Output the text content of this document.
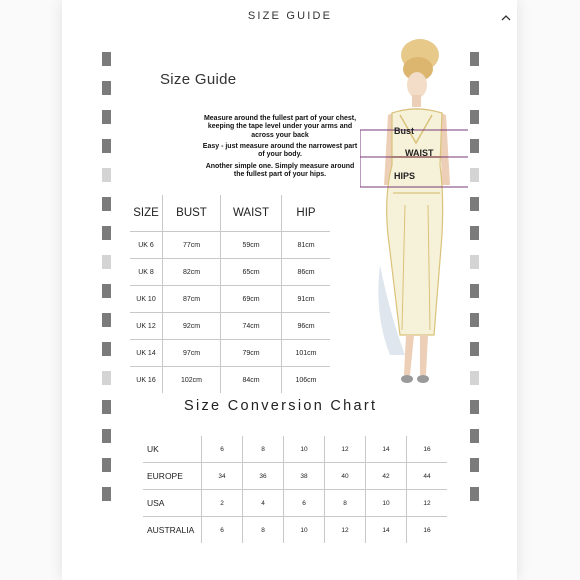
SIZE GUIDE
Size Guide
Measure around the fullest part of your chest, keeping the tape level under your arms and across your back
Easy - just measure around the narrowest part of your body.
Another simple one. Simply measure around the fullest part of your hips.
Bust
WAIST
HIPS
SIZE	BUST	WAIST	HIP
UK 6	77cm	59cm	81cm
UK 8	82cm	65cm	86cm
UK 10	87cm	69cm	91cm
UK 12	92cm	74cm	96cm
UK 14	97cm	79cm	101cm
UK 16	102cm	84cm	106cm
Size Conversion Chart
UK	6	8	10	12	14	16
EUROPE	34	36	38	40	42	44
USA	2	4	6	8	10	12
AUSTRALIA	6	8	10	12	14	16
